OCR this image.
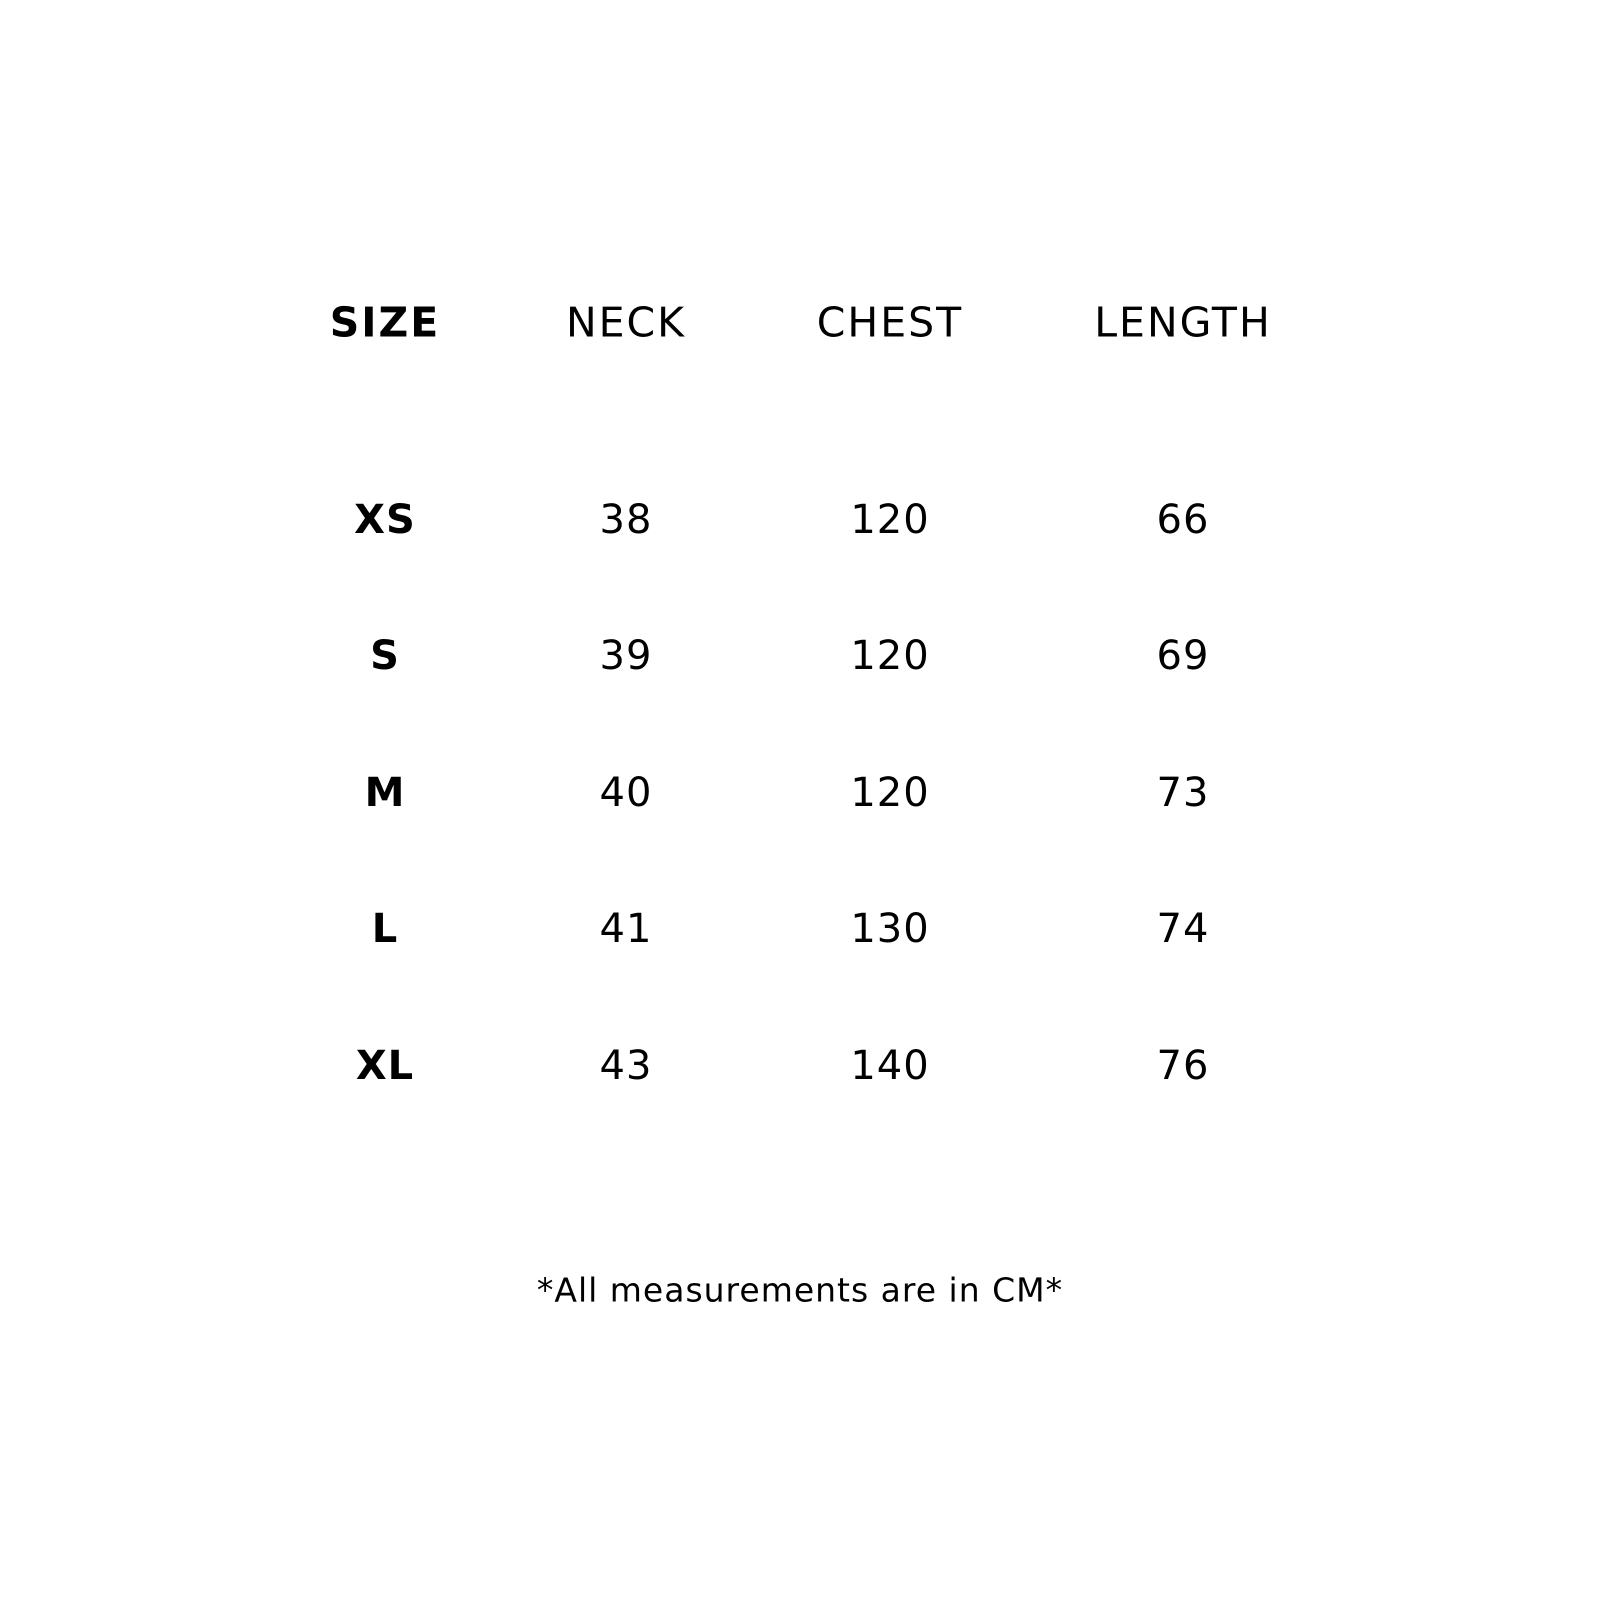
SIZE	NECK	CHEST	LENGTH
XS	38	120	66
S	39	120	69
M	40	120	73
L	41	130	74
XL	43	140	76
*All measurements are in CM*
